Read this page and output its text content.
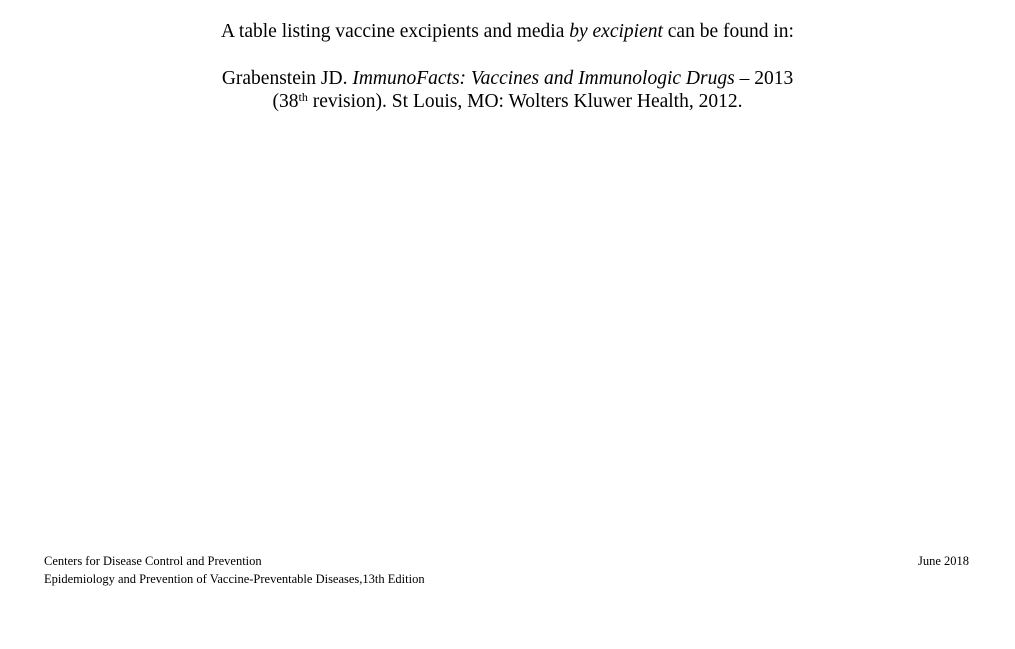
A table listing vaccine excipients and media by excipient can be found in:

Grabenstein JD. ImmunoFacts: Vaccines and Immunologic Drugs – 2013
(38th revision). St Louis, MO: Wolters Kluwer Health, 2012.

Centers for Disease Control and Prevention
Epidemiology and Prevention of Vaccine-Preventable Diseases,13th Edition
June 2018
